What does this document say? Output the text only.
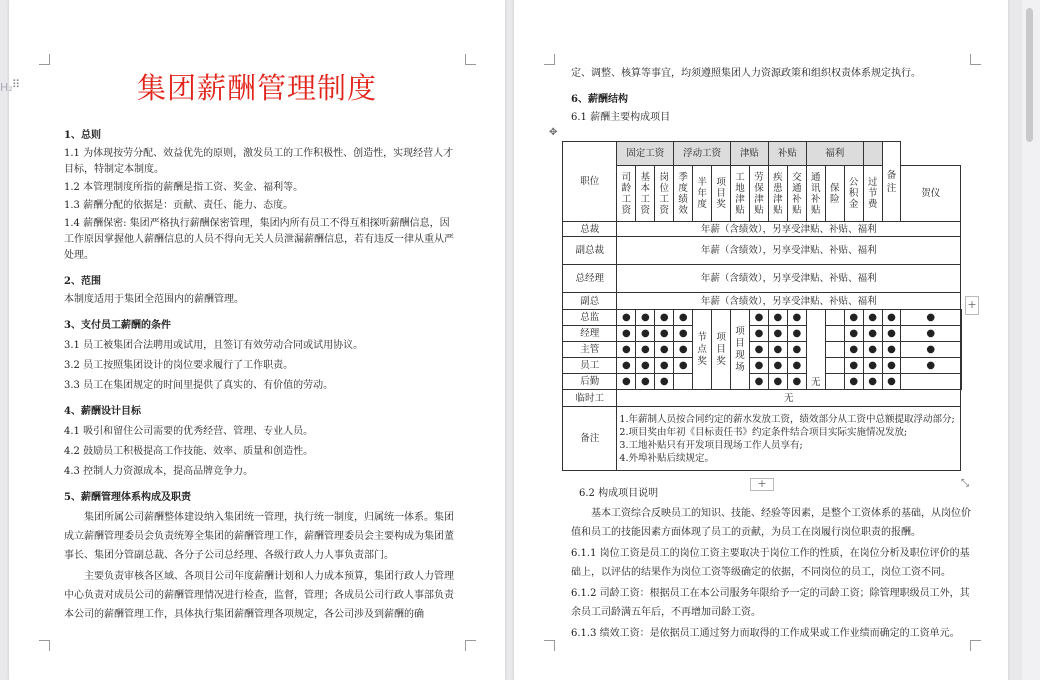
集团薪酬管理制度
1、总则
1.1 为体现按劳分配、效益优先的原则，激发员工的工作积极性、创造性，实现经营人才目标，特制定本制度。
1.2 本管理制度所指的薪酬是指工资、奖金、福利等。
1.3 薪酬分配的依据是：贡献、责任、能力、态度。
1.4 薪酬保密: 集团严格执行薪酬保密管理，集团内所有员工不得互相探听薪酬信息，因工作原因掌握他人薪酬信息的人员不得向无关人员泄漏薪酬信息，若有违反一律从重从严处理。
2、范围
本制度适用于集团全范围内的薪酬管理。
3、支付员工薪酬的条件
3.1 员工被集团合法聘用或试用，且签订有效劳动合同或试用协议。
3.2 员工按照集团设计的岗位要求履行了工作职责。
3.3 员工在集团规定的时间里提供了真实的、有价值的劳动。
4、薪酬设计目标
4.1 吸引和留住公司需要的优秀经营、管理、专业人员。
4.2 鼓励员工积极提高工作技能、效率、质量和创造性。
4.3 控制人力资源成本，提高品牌竞争力。
5、薪酬管理体系构成及职责
集团所属公司薪酬整体建设纳入集团统一管理，执行统一制度，归属统一体系。集团成立薪酬管理委员会负责统筹全集团的薪酬管理工作，薪酬管理委员会主要构成为集团董事长、集团分管副总裁、各分子公司总经理、各级行政人力人事负责部门。
主要负责审核各区域、各项目公司年度薪酬计划和人力成本预算，集团行政人力管理中心负责对成员公司的薪酬管理情况进行检查，监督，管理；各成员公司行政人事部负责本公司的薪酬管理工作，具体执行集团薪酬管理各项规定，各公司涉及到薪酬的确
H₂ ⠿
定、调整、核算等事宜，均须遵照集团人力资源政策和组织权责体系规定执行。
6、薪酬结构
6.1 薪酬主要构成项目
✥
职位	固定工资			浮动工资			津贴		补贴		福利				备注		
	司龄工资	基本工资	岗位工资	季度绩效	半年度	项目奖	工地津贴	劳保津贴	疾患津贴	交通补贴	通讯补贴	保险	公积金	过节费		贺仪	
总裁	年薪（含绩效），另享受津贴、补贴、福利																
副总裁	年薪（含绩效），另享受津贴、补贴、福利																
总经理	年薪（含绩效），另享受津贴、补贴、福利																
副总	年薪（含绩效），另享受津贴、补贴、福利																
总监	●	●	●	●	节点奖	项目奖	项目现场	●	●	●	无		●	●	●	●	
经理	●	●	●	●				●	●	●			●	●	●	●	
主管	●	●	●	●				●	●	●			●	●	●	●	
员工	●	●	●	●				●	●	●			●	●	●	●	
后勤	●	●	●					●	●	●			●	●	●		
临时工	无																
备注	1.年薪制人员按合同约定的薪水发放工资，绩效部分从工资中总额提取浮动部分;
2.项目奖由年初《目标责任书》约定条件结合项目实际实施情况发放;
3.工地补贴只有开发项目现场工作人员享有;
4.外埠补贴后续规定。																
+
+	⤡
6.2 构成项目说明
基本工资综合反映员工的知识、技能、经验等因素，是整个工资体系的基础，从岗位价值和员工的技能因素方面体现了员工的贡献，为员工在岗履行岗位职责的报酬。
6.1.1 岗位工资是员工的岗位工资主要取决于岗位工作的性质，在岗位分析及职位评价的基础上，以评估的结果作为岗位工资等级确定的依据，不同岗位的员工，岗位工资不同。
6.1.2 司龄工资：根据员工在本公司服务年限给予一定的司龄工资；除管理职级员工外，其余员工司龄满五年后，不再增加司龄工资。
6.1.3 绩效工资：是依据员工通过努力而取得的工作成果或工作业绩而确定的工资单元。
